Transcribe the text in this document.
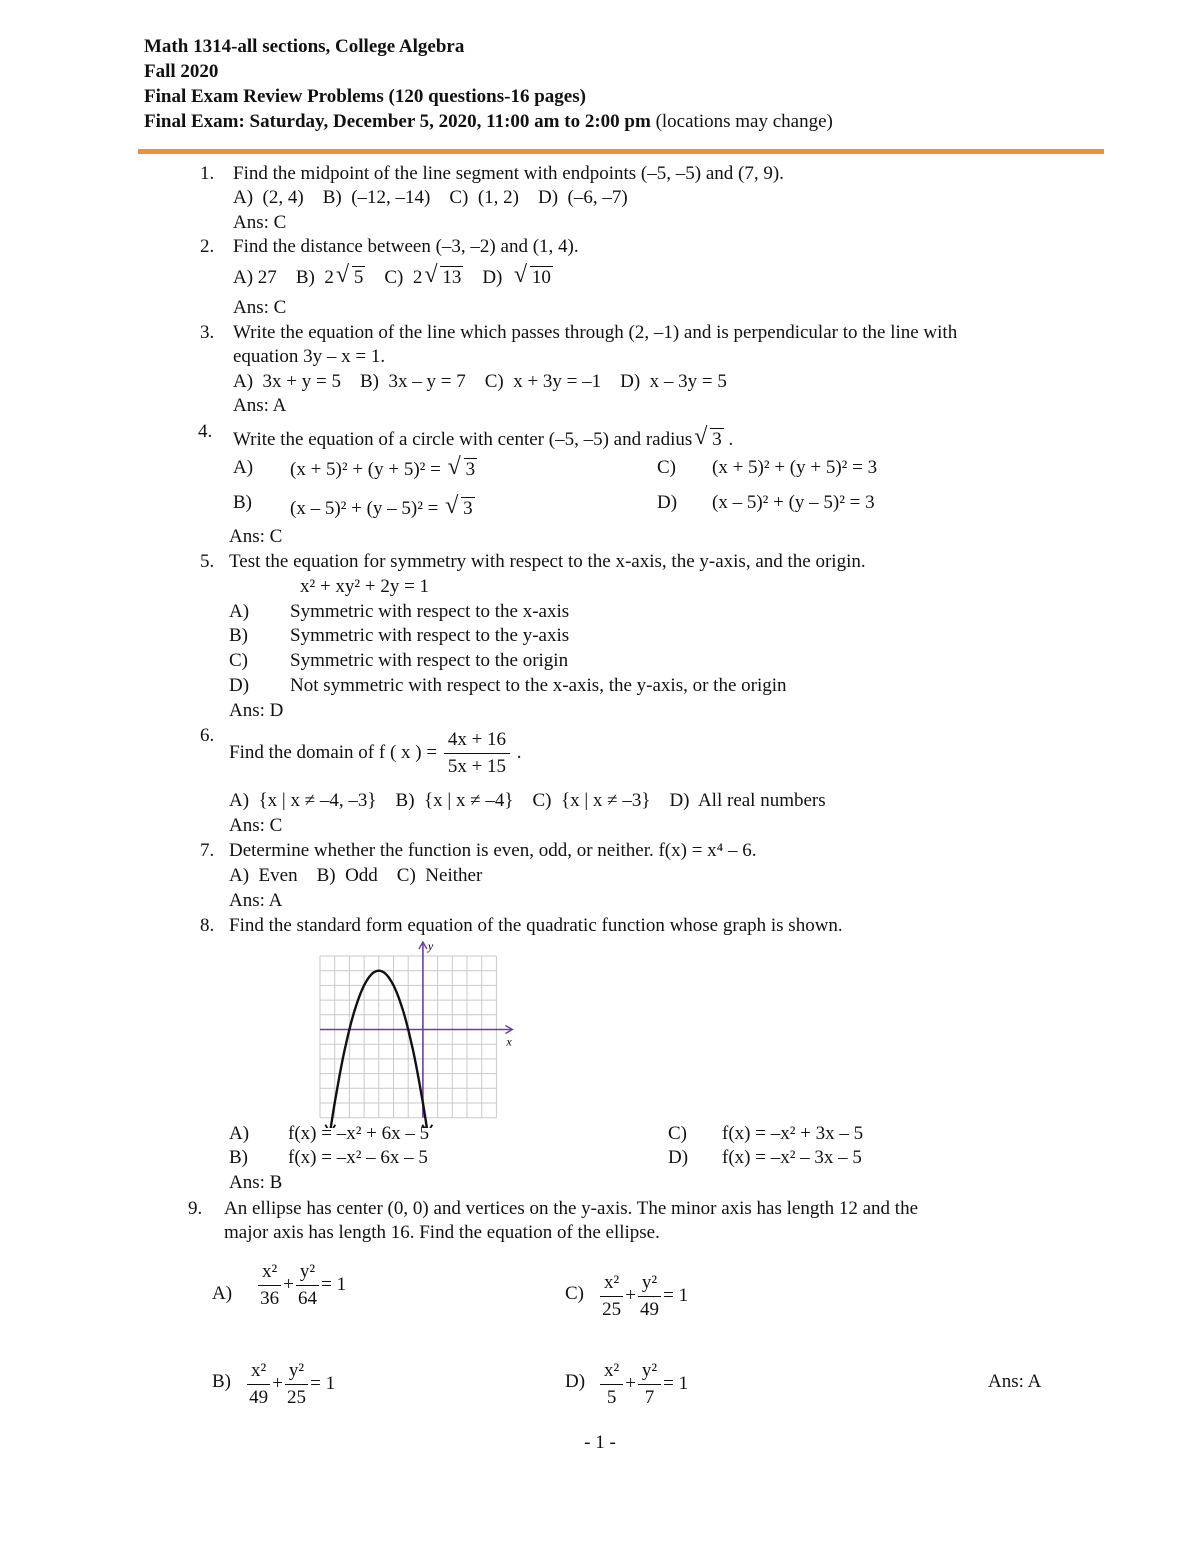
Math 1314-all sections, College Algebra
Fall 2020
Final Exam Review Problems (120 questions-16 pages)
Final Exam: Saturday, December 5, 2020, 11:00 am to 2:00 pm (locations may change)
1. Find the midpoint of the line segment with endpoints (–5, –5) and (7, 9).
A)  (2, 4)    B)  (–12, –14)    C)  (1, 2)    D)  (–6, –7)
Ans: C
2. Find the distance between (–3, –2) and (1, 4).
A) 27 B) 2 √ 5 C) 2 √ 13 D) √ 10
Ans: C
3. Write the equation of the line which passes through (2, –1) and is perpendicular to the line with
equation 3y – x = 1.
A)  3x + y = 5    B)  3x – y = 7    C)  x + 3y = –1    D)  x – 3y = 5
Ans: A
4. Write the equation of a circle with center (–5, –5) and radius √ 3 .
A) (x + 5)² + (y + 5)² = √ 3
B) (x – 5)² + (y – 5)² = √ 3
C) (x + 5)² + (y + 5)² = 3
D) (x – 5)² + (y – 5)² = 3
Ans: C
5. Test the equation for symmetry with respect to the x-axis, the y-axis, and the origin.
x² + xy² + 2y = 1
A) Symmetric with respect to the x-axis
B) Symmetric with respect to the y-axis
C) Symmetric with respect to the origin
D) Not symmetric with respect to the x-axis, the y-axis, or the origin
Ans: D
6.
Find the domain of f ( x ) = $\frac{4x + 16}{5x + 15}$ .
A)  {x | x ≠ –4, –3}    B)  {x | x ≠ –4}    C)  {x | x ≠ –3}    D)  All real numbers
Ans: C
7. Determine whether the function is even, odd, or neither. f(x) = x⁴ – 6.
A)  Even    B)  Odd    C)  Neither
Ans: A
8. Find the standard form equation of the quadratic function whose graph is shown.
x
y
A) f(x) = –x² + 6x – 5
B) f(x) = –x² – 6x – 5
C) f(x) = –x² + 3x – 5
D) f(x) = –x² – 3x – 5
Ans: B
9. An ellipse has center (0, 0) and vertices on the y-axis. The minor axis has length 12 and the
major axis has length 16. Find the equation of the ellipse.
$A) \frac{\text{x²}}{36} + \frac{\text{y²}}{64} = 1$	$C) \frac{\text{x²}}{25} + \frac{\text{y²}}{49} = 1$
$B) \frac{\text{x²}}{49} + \frac{\text{y²}}{25} = 1$	$D) \frac{\text{x²}}{5} + \frac{\text{y²}}{7} = 1$	Ans: A
- 1 -
